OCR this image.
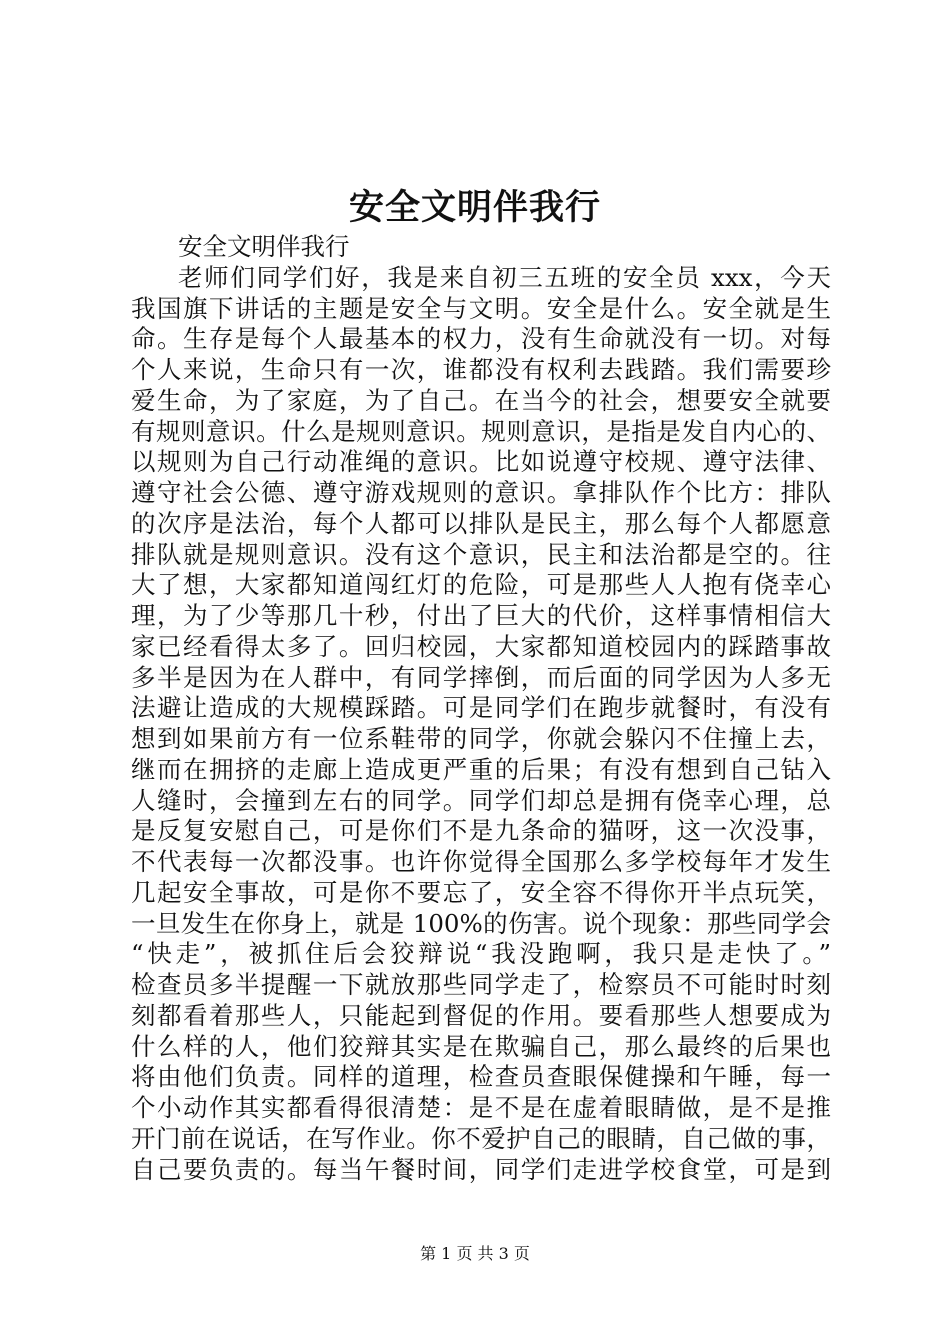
安全文明伴我行
安全文明伴我行
老师们同学们好，我是来自初三五班的安全员 xxx，今天
我国旗下讲话的主题是安全与文明。安全是什么。安全就是生
命。生存是每个人最基本的权力，没有生命就没有一切。对每
个人来说，生命只有一次，谁都没有权利去践踏。我们需要珍
爱生命，为了家庭，为了自己。在当今的社会，想要安全就要
有规则意识。什么是规则意识。规则意识，是指是发自内心的、
以规则为自己行动准绳的意识。比如说遵守校规、遵守法律、
遵守社会公德、遵守游戏规则的意识。拿排队作个比方：排队
的次序是法治，每个人都可以排队是民主，那么每个人都愿意
排队就是规则意识。没有这个意识，民主和法治都是空的。往
大了想，大家都知道闯红灯的危险，可是那些人人抱有侥幸心
理，为了少等那几十秒，付出了巨大的代价，这样事情相信大
家已经看得太多了。回归校园，大家都知道校园内的踩踏事故
多半是因为在人群中，有同学摔倒，而后面的同学因为人多无
法避让造成的大规模踩踏。可是同学们在跑步就餐时，有没有
想到如果前方有一位系鞋带的同学，你就会躲闪不住撞上去，
继而在拥挤的走廊上造成更严重的后果；有没有想到自己钻入
人缝时，会撞到左右的同学。同学们却总是拥有侥幸心理，总
是反复安慰自己，可是你们不是九条命的猫呀，这一次没事，
不代表每一次都没事。也许你觉得全国那么多学校每年才发生
几起安全事故，可是你不要忘了，安全容不得你开半点玩笑，
一旦发生在你身上，就是 100%的伤害。说个现象：那些同学会
“快走”，被抓住后会狡辩说“我没跑啊，我只是走快了。”
检查员多半提醒一下就放那些同学走了，检察员不可能时时刻
刻都看着那些人，只能起到督促的作用。要看那些人想要成为
什么样的人，他们狡辩其实是在欺骗自己，那么最终的后果也
将由他们负责。同样的道理，检查员查眼保健操和午睡，每一
个小动作其实都看得很清楚：是不是在虚着眼睛做，是不是推
开门前在说话，在写作业。你不爱护自己的眼睛，自己做的事，
自己要负责的。每当午餐时间，同学们走进学校食堂，可是到
第 1 页 共 3 页
